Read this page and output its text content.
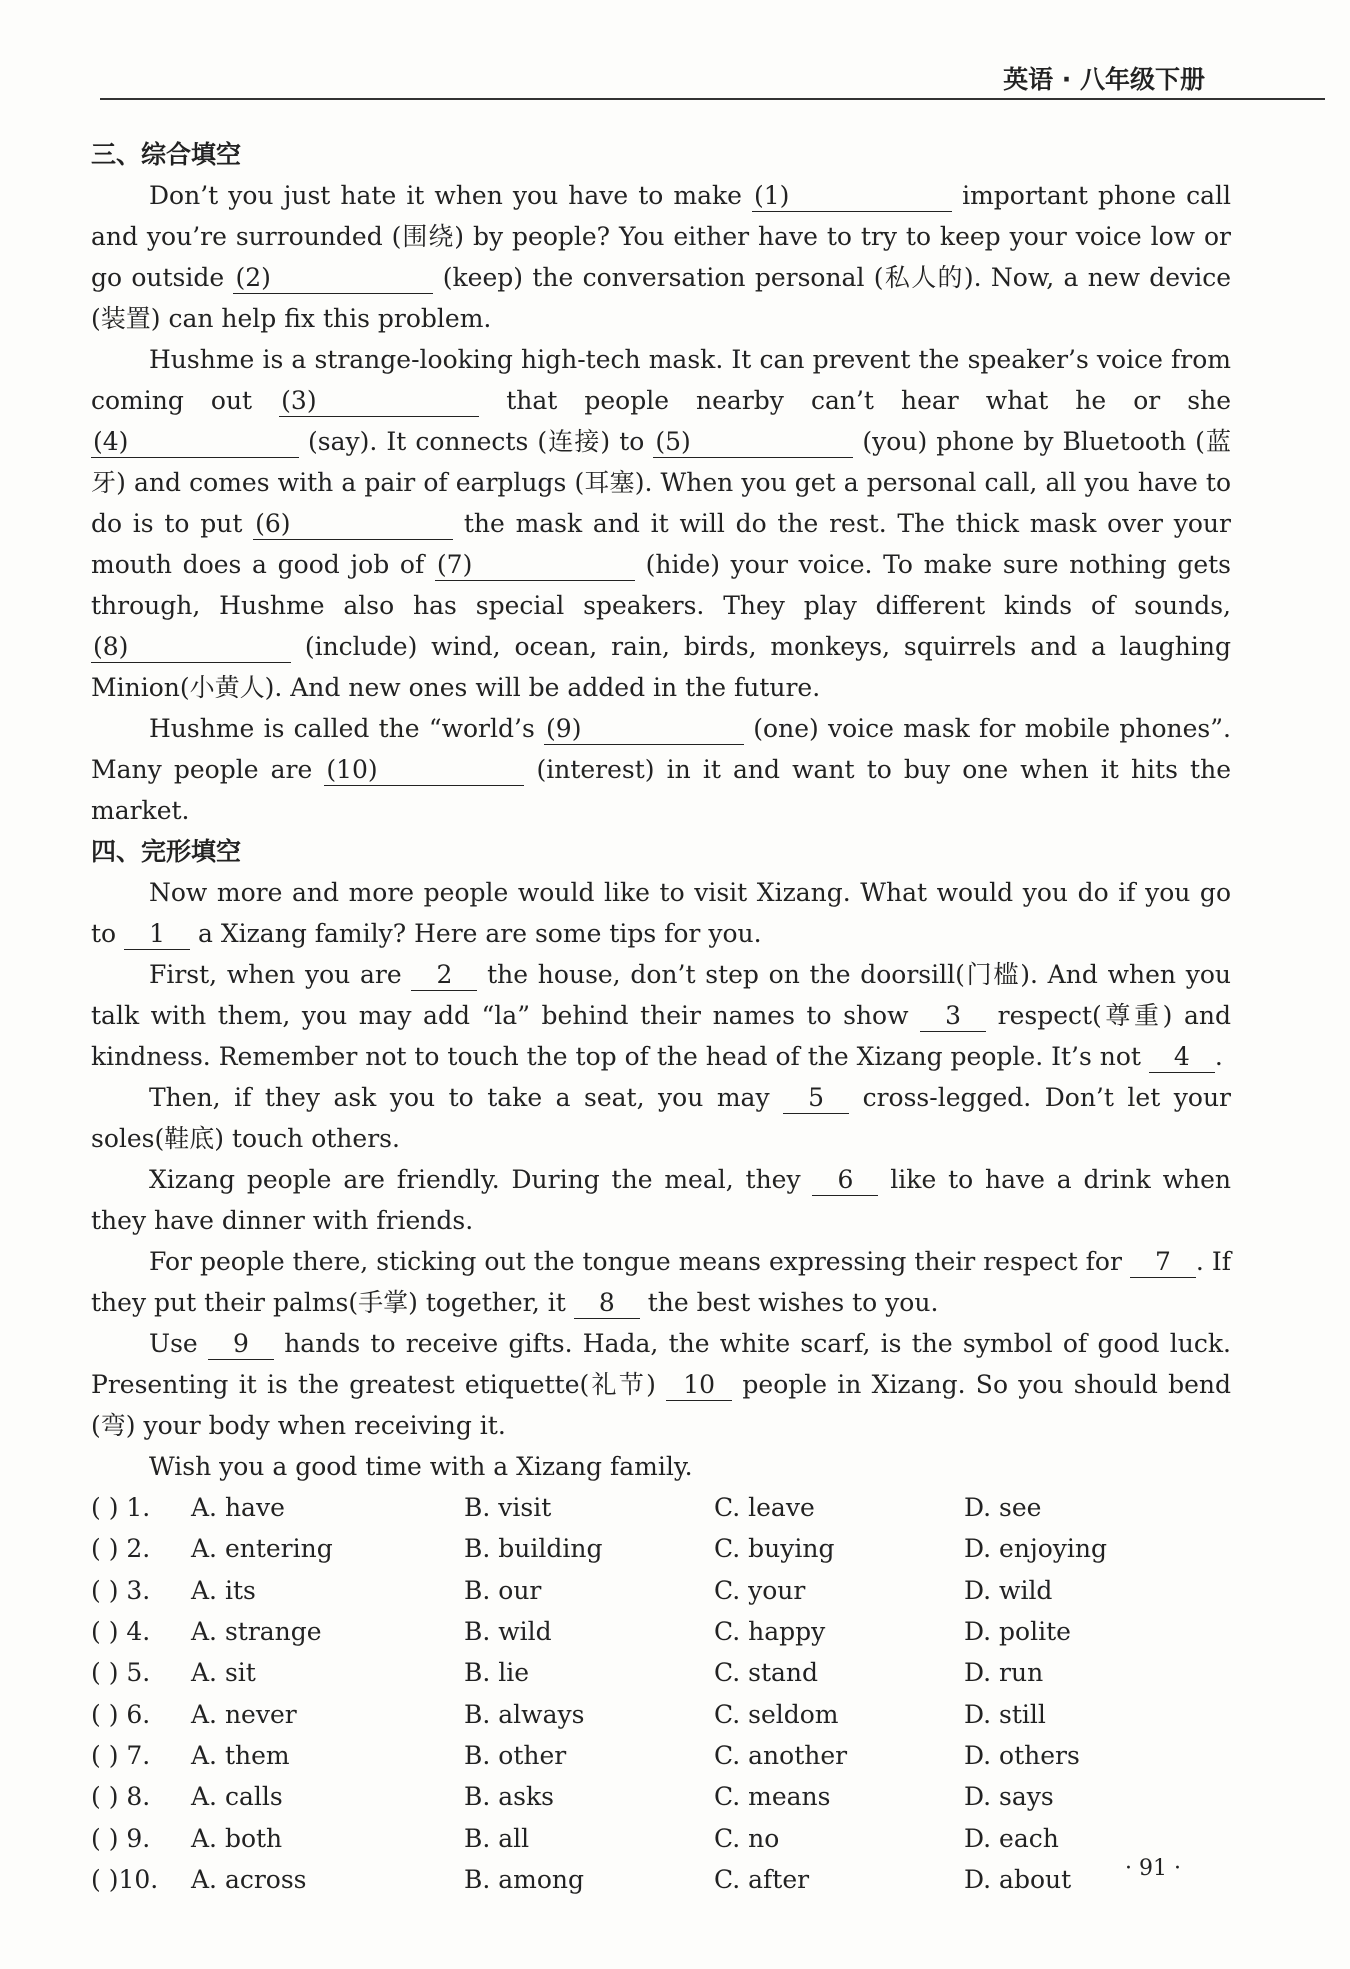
英语 · 八年级下册
三、综合填空

Don’t you just hate it when you have to make (1)	important phone call and you’re surrounded (围绕) by people? You either have to try to keep your voice low or go outside (2)	(keep) the conversation personal (私人的). Now, a new device (装置) can help fix this problem.

Hushme is a strange-looking high-tech mask. It can prevent the speaker’s voice from coming out (3)	that people nearby can’t hear what he or she (4)	(say). It connects (连接) to (5)	(you) phone by Bluetooth (蓝牙) and comes with a pair of earplugs (耳塞). When you get a personal call, all you have to do is to put (6)	the mask and it will do the rest. The thick mask over your mouth does a good job of (7)	(hide) your voice. To make sure nothing gets through, Hushme also has special speakers. They play different kinds of sounds, (8)	(include) wind, ocean, rain, birds, monkeys, squirrels and a laughing Minion(小黄人). And new ones will be added in the future.

Hushme is called the “world’s (9)	(one) voice mask for mobile phones”. Many people are (10)	(interest) in it and want to buy one when it hits the market.

四、完形填空

Now more and more people would like to visit Xizang. What would you do if you go to 1 a Xizang family? Here are some tips for you.

First, when you are 2 the house, don’t step on the doorsill(门槛). And when you talk with them, you may add “la” behind their names to show 3 respect(尊重) and kindness. Remember not to touch the top of the head of the Xizang people. It’s not 4 .

Then, if they ask you to take a seat, you may 5 cross-legged. Don’t let your soles(鞋底) touch others.

Xizang people are friendly. During the meal, they 6 like to have a drink when they have dinner with friends.

For people there, sticking out the tongue means expressing their respect for 7 . If they put their palms(手掌) together, it 8 the best wishes to you.

Use 9 hands to receive gifts. Hada, the white scarf, is the symbol of good luck. Presenting it is the greatest etiquette(礼节) 10 people in Xizang. So you should bend (弯) your body when receiving it.

Wish you a good time with a Xizang family.

( ) 1.	A. have	B. visit	C. leave	D. see
( ) 2.	A. entering	B. building	C. buying	D. enjoying
( ) 3.	A. its	B. our	C. your	D. wild
( ) 4.	A. strange	B. wild	C. happy	D. polite
( ) 5.	A. sit	B. lie	C. stand	D. run
( ) 6.	A. never	B. always	C. seldom	D. still
( ) 7.	A. them	B. other	C. another	D. others
( ) 8.	A. calls	B. asks	C. means	D. says
( ) 9.	A. both	B. all	C. no	D. each
( )10.	A. across	B. among	C. after	D. about	· 91 ·
